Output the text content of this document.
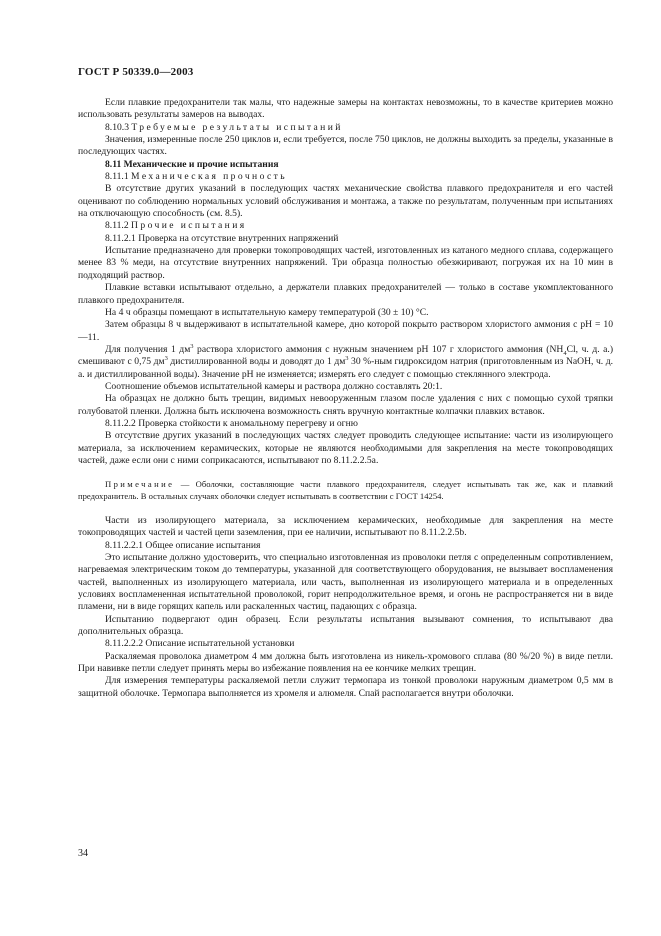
ГОСТ Р 50339.0—2003

Если плавкие предохранители так малы, что надежные замеры на контактах невозможны, то в качестве критериев можно использовать результаты замеров на выводах.

8.10.3 Требуемые результаты испытаний

Значения, измеренные после 250 циклов и, если требуется, после 750 циклов, не должны выходить за пределы, указанные в последующих частях.

8.11 Механические и прочие испытания

8.11.1 Механическая прочность

В отсутствие других указаний в последующих частях механические свойства плавкого предохранителя и его частей оценивают по соблюдению нормальных условий обслуживания и монтажа, а также по результатам, полученным при испытаниях на отключающую способность (см. 8.5).

8.11.2 Прочие испытания

8.11.2.1 Проверка на отсутствие внутренних напряжений

Испытание предназначено для проверки токопроводящих частей, изготовленных из катаного медного сплава, содержащего менее 83 % меди, на отсутствие внутренних напряжений. Три образца полностью обезжиривают, погружая их на 10 мин в подходящий раствор.

Плавкие вставки испытывают отдельно, а держатели плавких предохранителей — только в составе укомплектованного плавкого предохранителя.

На 4 ч образцы помещают в испытательную камеру температурой (30 ± 10) °C.

Затем образцы 8 ч выдерживают в испытательной камере, дно которой покрыто раствором хлористого аммония с pH = 10—11.

Для получения 1 $дм^3$ раствора хлористого аммония с нужным значением pH 107 г хлористого аммония ($NH_4Cl$, ч. д. а.) смешивают с 0,75 $дм^3$ дистиллированной воды и доводят до 1 $дм^3$ 30 %-ным гидроксидом натрия (приготовленным из NaOH, ч. д. а. и дистиллированной воды). Значение pH не изменяется; измерять его следует с помощью стеклянного электрода.

Соотношение объемов испытательной камеры и раствора должно составлять 20:1.

На образцах не должно быть трещин, видимых невооруженным глазом после удаления с них с помощью сухой тряпки голубоватой пленки. Должна быть исключена возможность снять вручную контактные колпачки плавких вставок.

8.11.2.2 Проверка стойкости к аномальному перегреву и огню

В отсутствие других указаний в последующих частях следует проводить следующее испытание: части из изолирующего материала, за исключением керамических, которые не являются необходимыми для закрепления на месте токопроводящих частей, даже если они с ними соприкасаются, испытывают по 8.11.2.2.5а.

Примечание — Оболочки, составляющие части плавкого предохранителя, следует испытывать так же, как и плавкий предохранитель. В остальных случаях оболочки следует испытывать в соответствии с ГОСТ 14254.

Части из изолирующего материала, за исключением керамических, необходимые для закрепления на месте токопроводящих частей и частей цепи заземления, при ее наличии, испытывают по 8.11.2.2.5b.

8.11.2.2.1 Общее описание испытания

Это испытание должно удостоверить, что специально изготовленная из проволоки петля с определенным сопротивлением, нагреваемая электрическим током до температуры, указанной для соответствующего оборудования, не вызывает воспламенения частей, выполненных из изолирующего материала, или часть, выполненная из изолирующего материала и в определенных условиях воспламененная испытательной проволокой, горит непродолжительное время, и огонь не распространяется ни в виде пламени, ни в виде горящих капель или раскаленных частиц, падающих с образца.

Испытанию подвергают один образец. Если результаты испытания вызывают сомнения, то испытывают два дополнительных образца.

8.11.2.2.2 Описание испытательной установки

Раскаляемая проволока диаметром 4 мм должна быть изготовлена из никель-хромового сплава (80 %/20 %) в виде петли. При навивке петли следует принять меры во избежание появления на ее кончике мелких трещин.

Для измерения температуры раскаляемой петли служит термопара из тонкой проволоки наружным диаметром 0,5 мм в защитной оболочке. Термопара выполняется из хромеля и алюмеля. Спай располагается внутри оболочки.

34
